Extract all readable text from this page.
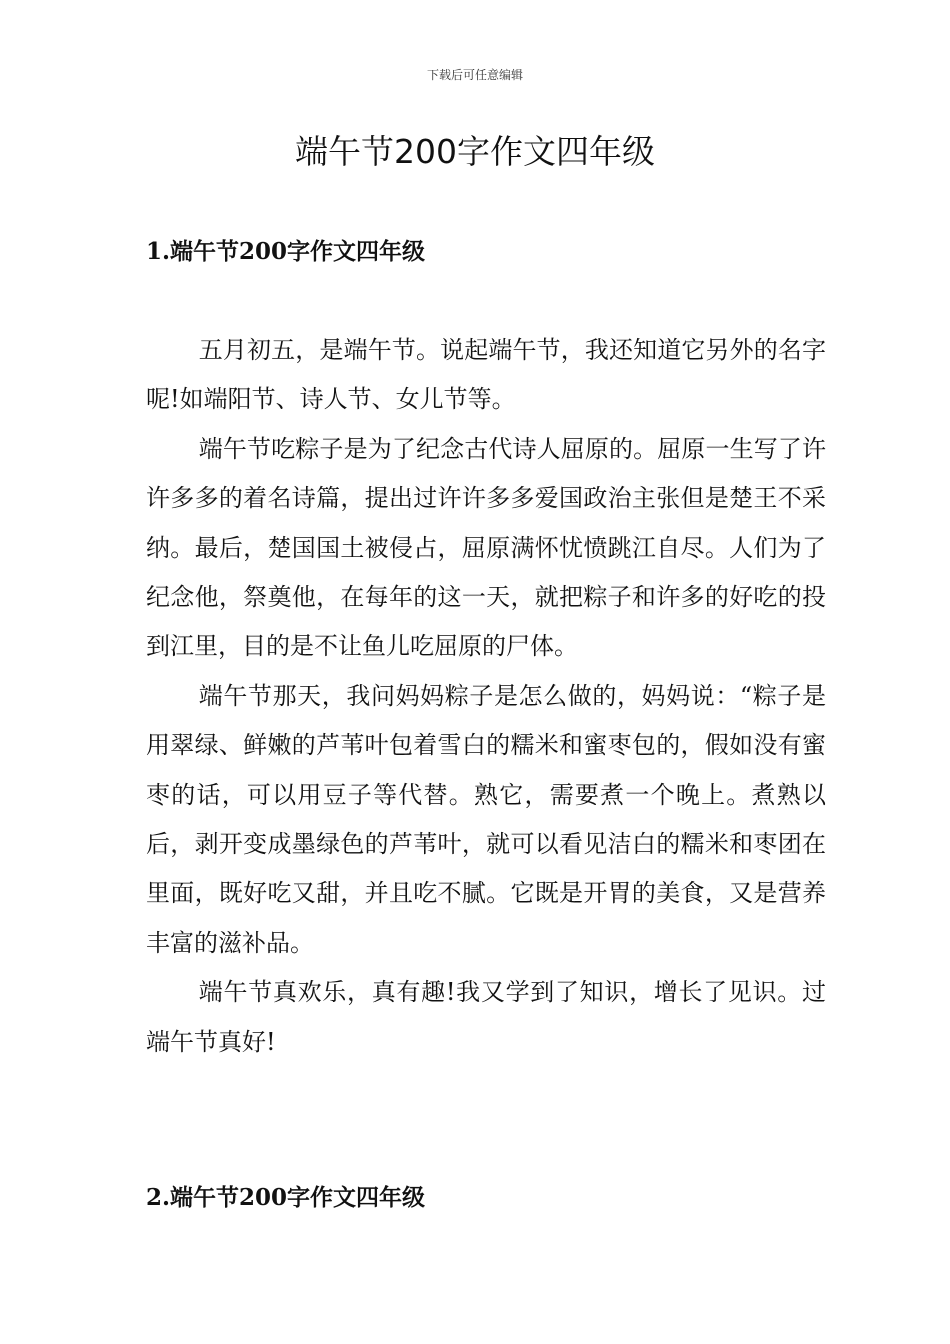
下载后可任意编辑
端午节200字作文四年级
1.端午节200字作文四年级

五月初五，是端午节。说起端午节，我还知道它另外的名字呢!如端阳节、诗人节、女儿节等。

端午节吃粽子是为了纪念古代诗人屈原的。屈原一生写了许许多多的着名诗篇，提出过许许多多爱国政治主张但是楚王不采纳。最后，楚国国土被侵占，屈原满怀忧愤跳江自尽。人们为了纪念他，祭奠他，在每年的这一天，就把粽子和许多的好吃的投到江里，目的是不让鱼儿吃屈原的尸体。

端午节那天，我问妈妈粽子是怎么做的，妈妈说：“粽子是用翠绿、鲜嫩的芦苇叶包着雪白的糯米和蜜枣包的，假如没有蜜枣的话，可以用豆子等代替。熟它，需要煮一个晚上。煮熟以后，剥开变成墨绿色的芦苇叶，就可以看见洁白的糯米和枣团在里面，既好吃又甜，并且吃不腻。它既是开胃的美食，又是营养丰富的滋补品。

端午节真欢乐，真有趣!我又学到了知识，增长了见识。过端午节真好!

2.端午节200字作文四年级
